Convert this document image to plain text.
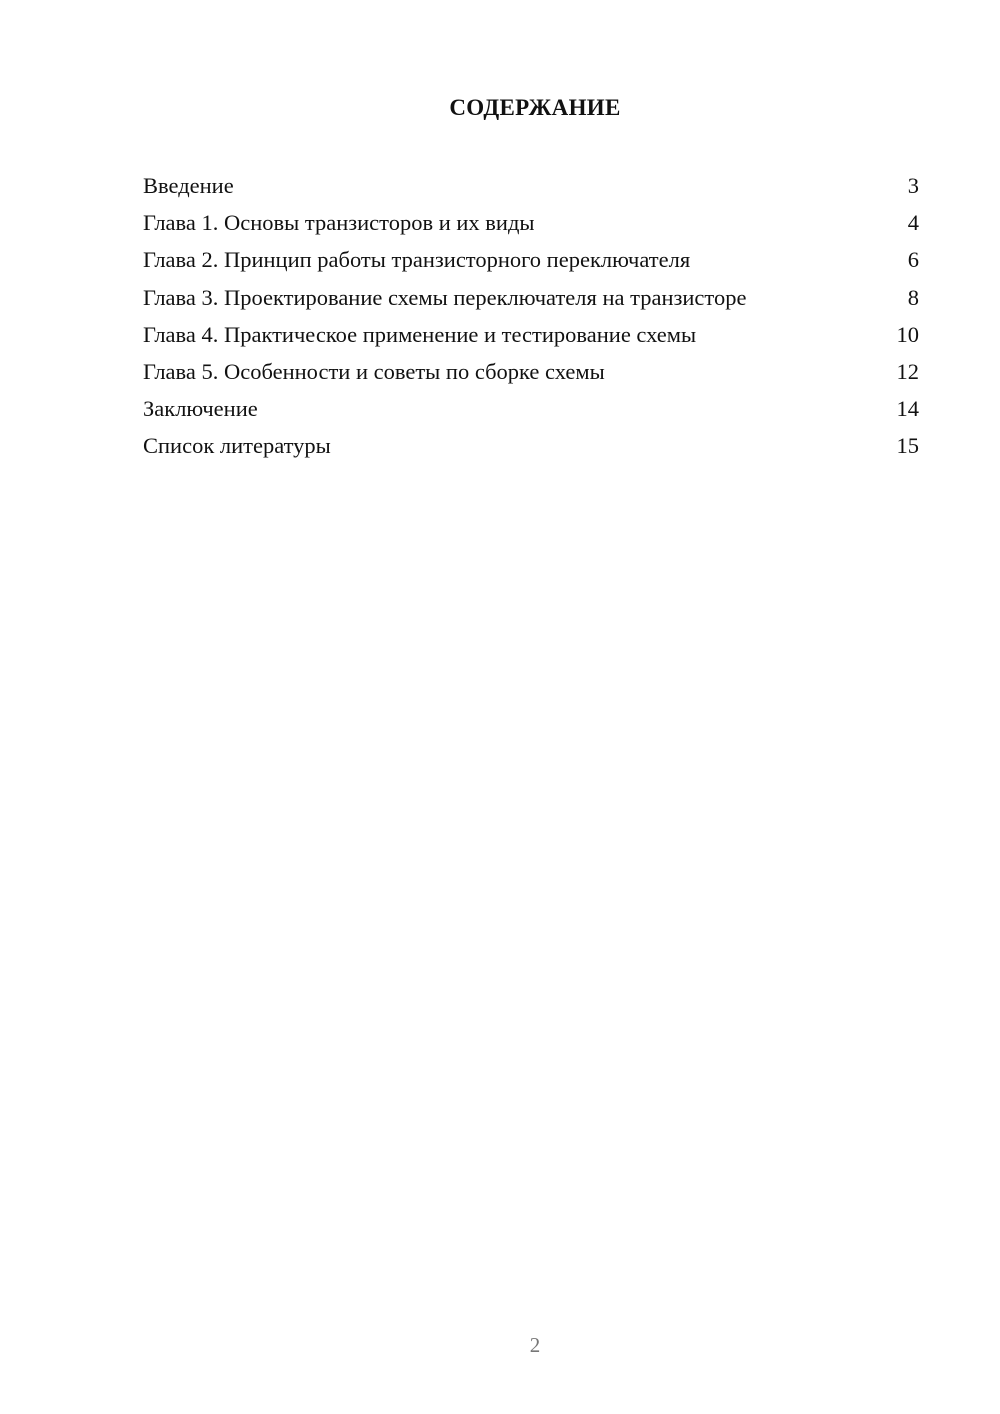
СОДЕРЖАНИЕ
Введение	3
Глава 1. Основы транзисторов и их виды	4
Глава 2. Принцип работы транзисторного переключателя	6
Глава 3. Проектирование схемы переключателя на транзисторе	8
Глава 4. Практическое применение и тестирование схемы	10
Глава 5. Особенности и советы по сборке схемы	12
Заключение	14
Список литературы	15

2
